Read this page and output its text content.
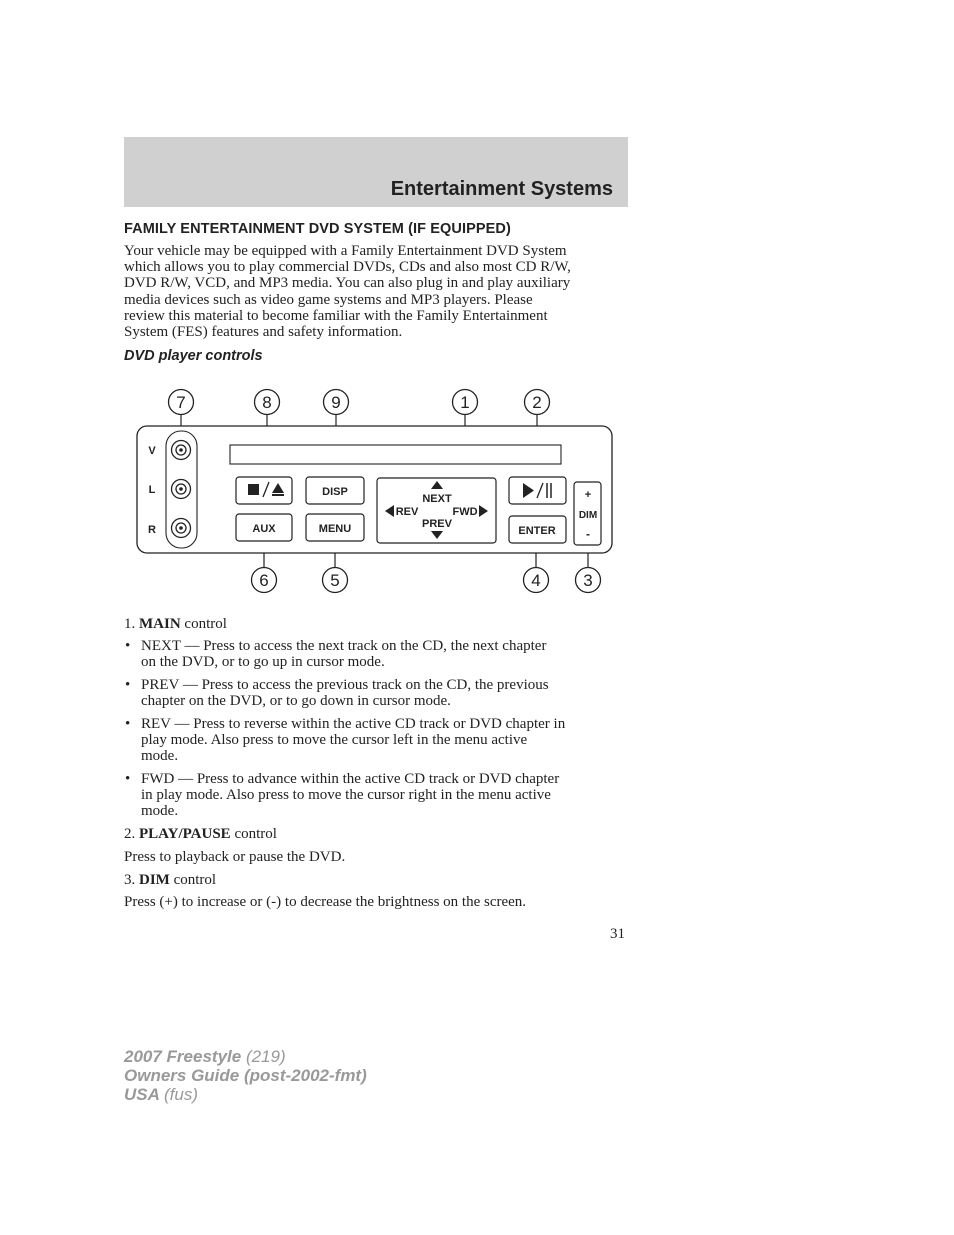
Entertainment Systems
FAMILY ENTERTAINMENT DVD SYSTEM (IF EQUIPPED)

Your vehicle may be equipped with a Family Entertainment DVD System
which allows you to play commercial DVDs, CDs and also most CD R/W,
DVD R/W, VCD, and MP3 media. You can also plug in and play auxiliary
media devices such as video game systems and MP3 players. Please
review this material to become familiar with the Family Entertainment
System (FES) features and safety information.

DVD player controls
7	8	9	1	2
6	5	4	3
V
L
R
DISP
AUX	MENU
NEXT
REV	FWD
PREV
ENTER
+
DIM
-

1. MAIN control

• NEXT — Press to access the next track on the CD, the next chapter
on the DVD, or to go up in cursor mode.
• PREV — Press to access the previous track on the CD, the previous
chapter on the DVD, or to go down in cursor mode.
• REV — Press to reverse within the active CD track or DVD chapter in
play mode. Also press to move the cursor left in the menu active
mode.
• FWD — Press to advance within the active CD track or DVD chapter
in play mode. Also press to move the cursor right in the menu active
mode.

2. PLAY/PAUSE control

Press to playback or pause the DVD.

3. DIM control

Press (+) to increase or (-) to decrease the brightness on the screen.

31
2007 Freestyle (219)
Owners Guide (post-2002-fmt)
USA (fus)
